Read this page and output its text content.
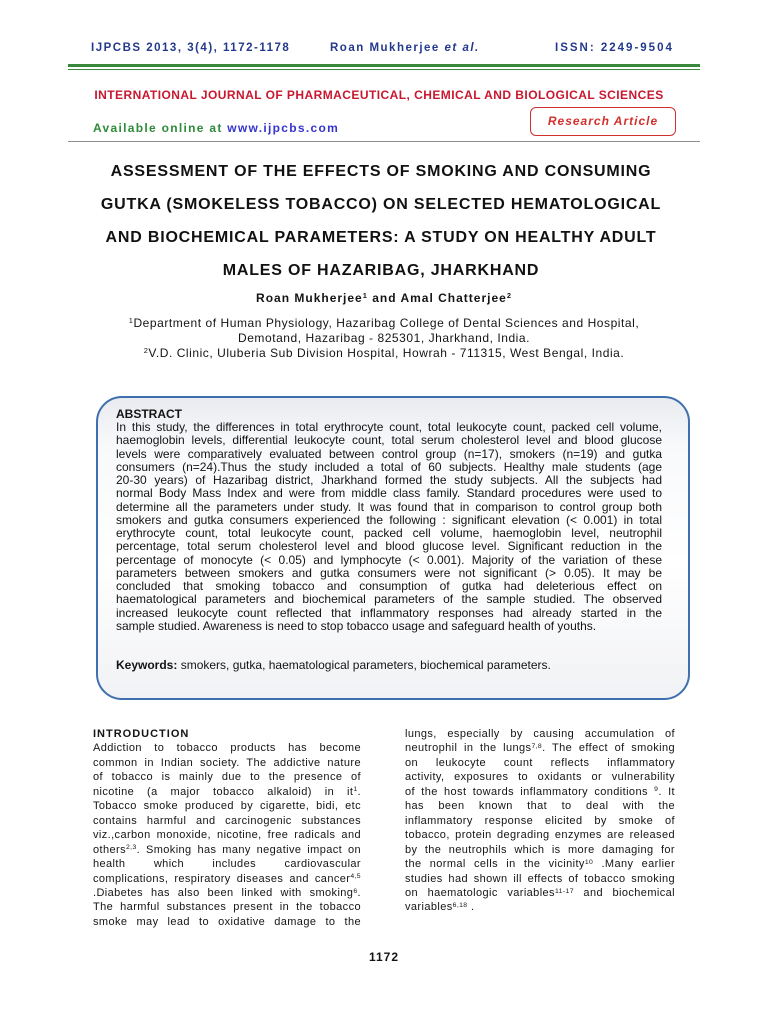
IJPCBS 2013, 3(4), 1172-1178	Roan Mukherjee et al.	ISSN: 2249-9504
INTERNATIONAL JOURNAL OF PHARMACEUTICAL, CHEMICAL AND BIOLOGICAL SCIENCES
Available online at www.ijpcbs.com	Research Article
ASSESSMENT OF THE EFFECTS OF SMOKING AND CONSUMING
GUTKA (SMOKELESS TOBACCO) ON SELECTED HEMATOLOGICAL
AND BIOCHEMICAL PARAMETERS: A STUDY ON HEALTHY ADULT
MALES OF HAZARIBAG, JHARKHAND
Roan Mukherjee$^1$ and Amal Chatterjee$^2$
$^1$Department of Human Physiology, Hazaribag College of Dental Sciences and Hospital,
Demotand, Hazaribag - 825301, Jharkhand, India.
$^2$V.D. Clinic, Uluberia Sub Division Hospital, Howrah - 711315, West Bengal, India.
ABSTRACT
In this study, the differences in total erythrocyte count, total leukocyte count, packed cell volume,
haemoglobin levels, differential leukocyte count, total serum cholesterol level and blood glucose
levels were comparatively evaluated between control group (n=17), smokers (n=19) and gutka
consumers (n=24).Thus the study included a total of 60 subjects. Healthy male students (age
20-30 years) of Hazaribag district, Jharkhand formed the study subjects. All the subjects had
normal Body Mass Index and were from middle class family. Standard procedures were used to
determine all the parameters under study. It was found that in comparison to control group both
smokers and gutka consumers experienced the following : significant elevation (< 0.001) in total
erythrocyte count, total leukocyte count, packed cell volume, haemoglobin level, neutrophil
percentage, total serum cholesterol level and blood glucose level. Significant reduction in the
percentage of monocyte (< 0.05) and lymphocyte (< 0.001). Majority of the variation of these
parameters between smokers and gutka consumers were not significant (> 0.05). It may be
concluded that smoking tobacco and consumption of gutka had deleterious effect on
haematological parameters and biochemical parameters of the sample studied. The observed
increased leukocyte count reflected that inflammatory responses had already started in the
sample studied. Awareness is need to stop tobacco usage and safeguard health of youths.
Keywords: smokers, gutka, haematological parameters, biochemical parameters.
INTRODUCTION
Addiction to tobacco products has become
common in Indian society. The addictive nature
of tobacco is mainly due to the presence of
nicotine (a major tobacco alkaloid) in $it^1$.
Tobacco smoke produced by cigarette, bidi, etc
contains harmful and carcinogenic substances
viz.,carbon monoxide, nicotine, free radicals and
others$^{2,3}$. Smoking has many negative impact on
health which includes cardiovascular
complications, respiratory diseases and cancer$^{4,5}$
.Diabetes has also been linked with smoking$^6$.
The harmful substances present in the tobacco
smoke may lead to oxidative damage to the
lungs, especially by causing accumulation of
neutrophil in the lungs$^{7,8}$. The effect of smoking
on leukocyte count reflects inflammatory
activity, exposures to oxidants or vulnerability
of the host towards inflammatory conditions $^9$. It
has been known that to deal with the
inflammatory response elicited by smoke of
tobacco, protein degrading enzymes are released
by the neutrophils which is more damaging for
the normal cells in the vicinity$^{10}$ .Many earlier
studies had shown ill effects of tobacco smoking
on haematologic variables$^{11-17}$ and biochemical
variables$^{6,18}$ .
1172
